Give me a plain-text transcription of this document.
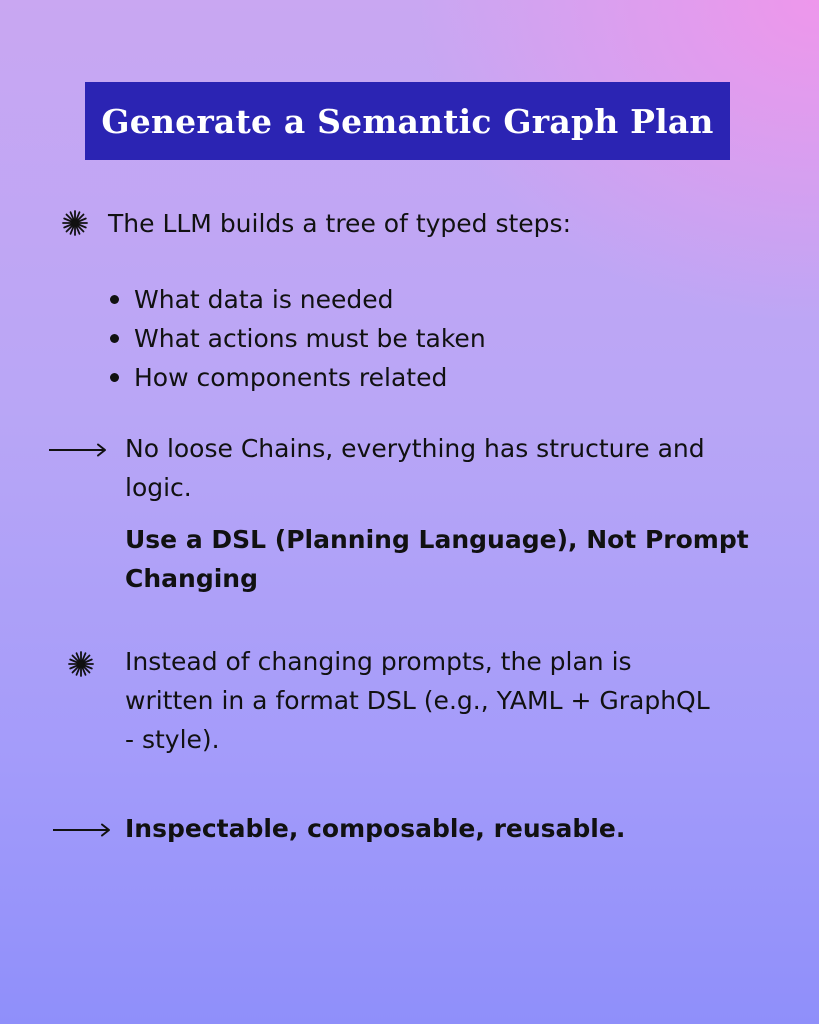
Generate a Semantic Graph Plan
The LLM builds a tree of typed steps:
What data is needed
What actions must be taken
How components related
No loose Chains, everything has structure and
logic.
Use a DSL (Planning Language), Not Prompt
Changing
Instead of changing prompts, the plan is
written in a format DSL (e.g., YAML + GraphQL
- style).
Inspectable, composable, reusable.
